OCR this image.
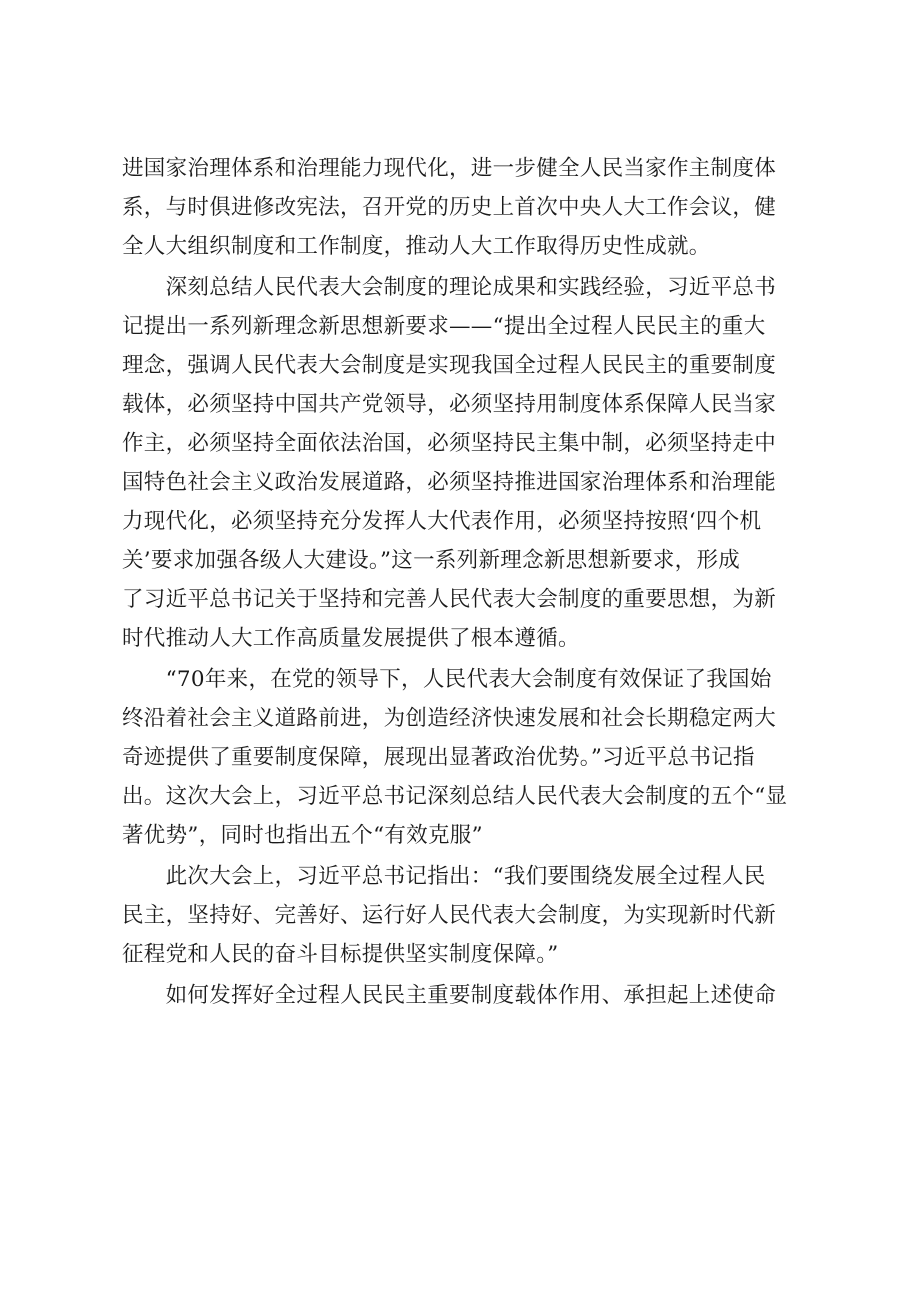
进国家治理体系和治理能力现代化，进一步健全人民当家作主制度体
系，与时俱进修改宪法，召开党的历史上首次中央人大工作会议，健
全人大组织制度和工作制度，推动人大工作取得历史性成就。
　　深刻总结人民代表大会制度的理论成果和实践经验，习近平总书
记提出一系列新理念新思想新要求——“提出全过程人民民主的重大
理念，强调人民代表大会制度是实现我国全过程人民民主的重要制度
载体，必须坚持中国共产党领导，必须坚持用制度体系保障人民当家
作主，必须坚持全面依法治国，必须坚持民主集中制，必须坚持走中
国特色社会主义政治发展道路，必须坚持推进国家治理体系和治理能
力现代化，必须坚持充分发挥人大代表作用，必须坚持按照‘四个机
关’要求加强各级人大建设。”这一系列新理念新思想新要求，形成
了习近平总书记关于坚持和完善人民代表大会制度的重要思想，为新
时代推动人大工作高质量发展提供了根本遵循。
　　“70年来，在党的领导下，人民代表大会制度有效保证了我国始
终沿着社会主义道路前进，为创造经济快速发展和社会长期稳定两大
奇迹提供了重要制度保障，展现出显著政治优势。”习近平总书记指
出。这次大会上，习近平总书记深刻总结人民代表大会制度的五个“显
著优势”，同时也指出五个“有效克服”
　　此次大会上，习近平总书记指出：“我们要围绕发展全过程人民
民主，坚持好、完善好、运行好人民代表大会制度，为实现新时代新
征程党和人民的奋斗目标提供坚实制度保障。”
　　如何发挥好全过程人民民主重要制度载体作用、承担起上述使命
